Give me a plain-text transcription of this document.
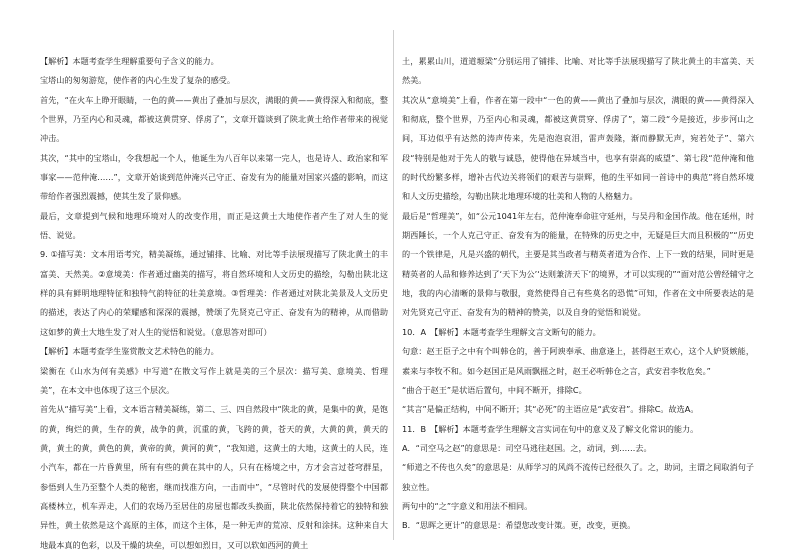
【解析】本题考查学生理解重要句子含义的能力。

宝塔山的匆匆游览，使作者的内心生发了复杂的感受。

首先，“在火车上睁开眼睛，一色的黄——黄出了叠加与层次，满眼的黄——黄得深入和彻底，整个世界，乃至内心和灵魂，都被这黄贯穿、俘虏了”，文章开篇谈到了陕北黄土给作者带来的视觉冲击。

其次，“其中的宝塔山，令我想起一个人，他诞生为八百年以来第一完人，也是诗人、政治家和军事家——范仲淹……”，文章开始谈到范仲淹兴己守正、奋发有为的能量对国家兴盛的影响，而这带给作者强烈震撼，使其生发了景仰感。

最后，文章提到气候和地理环境对人的改变作用，而正是这黄土大地使作者产生了对人生的觉悟、说觉。

9. ①描写美：文本用语考究，精美凝练，通过铺排、比喻、对比等手法展现描写了陕北黄土的丰富美、天然美。②意境美：作者通过幽美的描写，将自然环境和人文历史的描绘，勾勒出陕北这样的具有鲜明地理特征和独特气韵特征的壮美意境。③哲理美：作者通过对陕北美景及人文历史的描述，表达了内心的荣耀感和深深的震撼，赞颂了先贤克己守正、奋发有为的精神，从而借助这如梦的黄土大地生发了对人生的觉悟和说觉。（意思答对即可）

【解析】本题考查学生鉴赏散文艺术特色的能力。

梁衡在《山水为何有美感》中写道“在散文写作上就是美的三个层次：描写美、意境美、哲理美”，在本文中也体现了这三个层次。

首先从“描写美”上看，文本语言精美凝练，第二、三、四自然段中“陕北的黄，是集中的黄，是饱的黄，绚烂的黄，生存的黄，战争的黄，沉重的黄，飞跨的黄，苍天的黄，大黄的黄，黄天的黄，黄土的黄，黄色的黄，黄帝的黄，黄河的黄”，“我知道，这黄土的大地，这黄土的人民，连小汽车，都在一片昏黄里，所有有些的黄在其中的人，只有在杨境之中，方才会言过苍穹群星，参悟到人生乃至整个人类的秘密，继而找准方向，一击而中”，“尽管时代的发展使得整个中国都高楼林立，机车弄走，人们的农场乃至居住的房屋也都改头换面，陕北依然保持着它的独特和独异性，黄土依然是这个高原的主体，而这个主体，是一种无声的荒凉、反射和涂抹。这种来自大地最本真的色彩，以及干燥的块垒，可以想如烈日，又可以软如西河的黄土

土，累累山川，道道塬梁”分别运用了铺排、比喻、对比等手法展现描写了陕北黄土的丰富美、天然美。

其次从“意境美”上看，作者在第一段中“一色的黄——黄出了叠加与层次，满眼的黄——黄得深入和彻底，整个世界，乃至内心和灵魂，都被这黄贯穿、俘虏了”，第二段“今是接近，步步河山之间，耳边似乎有达然的涛声传来，先是泡泡哀泪，雷声轰隆，渐而静默无声，宛若处子”、第六段“特别是他对于先人的敬与诚恳，使得他在异域当中，也享有崇高的威望”、第七段“范仲淹和他的时代纷繁多样，增补古代边关将领们的艰苦与崇辉，他的生平如同一首诗中的典范”将自然环境和人文历史描绘，勾勒出陕北地理环境的壮美和人物的人格魅力。

最后是“哲理美”，如“公元1041年左右，范仲淹奉命驻守延州，与吴丹和金国作战。他在延州，时期西陲长，一个人克己守正、奋发有为的能量，在特殊的历史之中，无疑是巨大而且积极的”“历史的一个铁律是，凡是兴盛的朝代，主要是其当政者与精英者道为合作、上下一致的结果，同时更是精英者的人品和修养达到了‘天下为公’‘达则兼济天下’的境界，才可以实现的”“面对范公曾经辅守之地，我的内心清晰的景仰与敬服，竟然使得自己有些莫名的恐慌”可知，作者在文中所要表达的是对先贤克己守正、奋发有为的精神的赞美，以及自身的觉悟和说觉。

10．A　【解析】本题考查学生理解文言文断句的能力。

句意：赵王臣子之中有个叫韩仓的，善于阿谀奉承、曲意逢上，甚得赵王欢心，这个人妒贤嫉能，素来与李牧不和。如今赵国正是风雨飘摇之时，赵王必听韩仓之言，武安君李牧危矣。”

“曲合于赵王”是状语后置句，中间不断开，排除C。

“其言”是偏正结构，中间不断开；其“必死”的主语应是“武安君”。排除C。故选A。

11．B　【解析】本题考查学生理解文言实词在句中的意义及了解文化常识的能力。

A．“司空马之赵”的意思是：司空马逃往赵国。之，动词，到……去。

“师道之不传也久矣”的意思是：从师学习的风尚不流传已经很久了。之，助词，主谓之间取消句子独立性。

两句中的“之”字意义和用法不相同。

B．“思晖之更计”的意思是：希望您改变计策。更，改变，更换。
